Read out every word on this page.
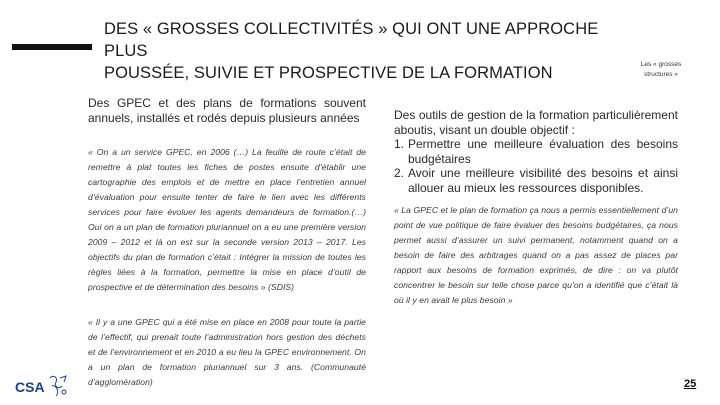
DES « GROSSES COLLECTIVITÉS » QUI ONT UNE APPROCHE PLUS
POUSSÉE, SUIVIE ET PROSPECTIVE DE LA FORMATION	Les « grosses
structures »

Des GPEC et des plans de formations souvent annuels, installés et rodés depuis plusieurs années

« On a un service GPEC, en 2006 (…) La feuille de route c’était de remettre à plat toutes les fiches de postes ensuite d’établir une cartographie des emplois et de mettre en place l’entretien annuel d’évaluation pour ensuite tenter de faire le lien avec les différents services pour faire évoluer les agents demandeurs de formation.(…) Oui on a un plan de formation pluriannuel on a eu une première version 2009 – 2012 et là on est sur la seconde version 2013 – 2017. Les objectifs du plan de formation c’était : Intégrer la mission de toutes les règles liées à la formation, permettre la mise en place d’outil de prospective et de détermination des besoins » (SDIS)

« Il y a une GPEC qui a été mise en place en 2008 pour toute la partie de l’effectif, qui prenait toute l’administration hors gestion des déchets et de l’environnement et en 2010 a eu lieu la GPEC environnement. On a un plan de formation pluriannuel sur 3 ans. (Communauté d’agglomération)

Des outils de gestion de la formation particulièrement aboutis, visant un double objectif :

1. Permettre une meilleure évaluation des besoins budgétaires
2. Avoir une meilleure visibilité des besoins et ainsi allouer au mieux les ressources disponibles.

« La GPEC et le plan de formation ça nous a permis essentiellement d’un point de vue politique de faire évaluer des besoins budgétaires, ça nous permet aussi d’assurer un suivi permanent, notamment quand on a besoin de faire des arbitrages quand on a pas assez de places par rapport aux besoins de formation exprimés, de dire : on va plutôt concentrer le besoin sur telle chose parce qu’on a identifié que c’était là où il y en avait le plus besoin »

CSA	25
